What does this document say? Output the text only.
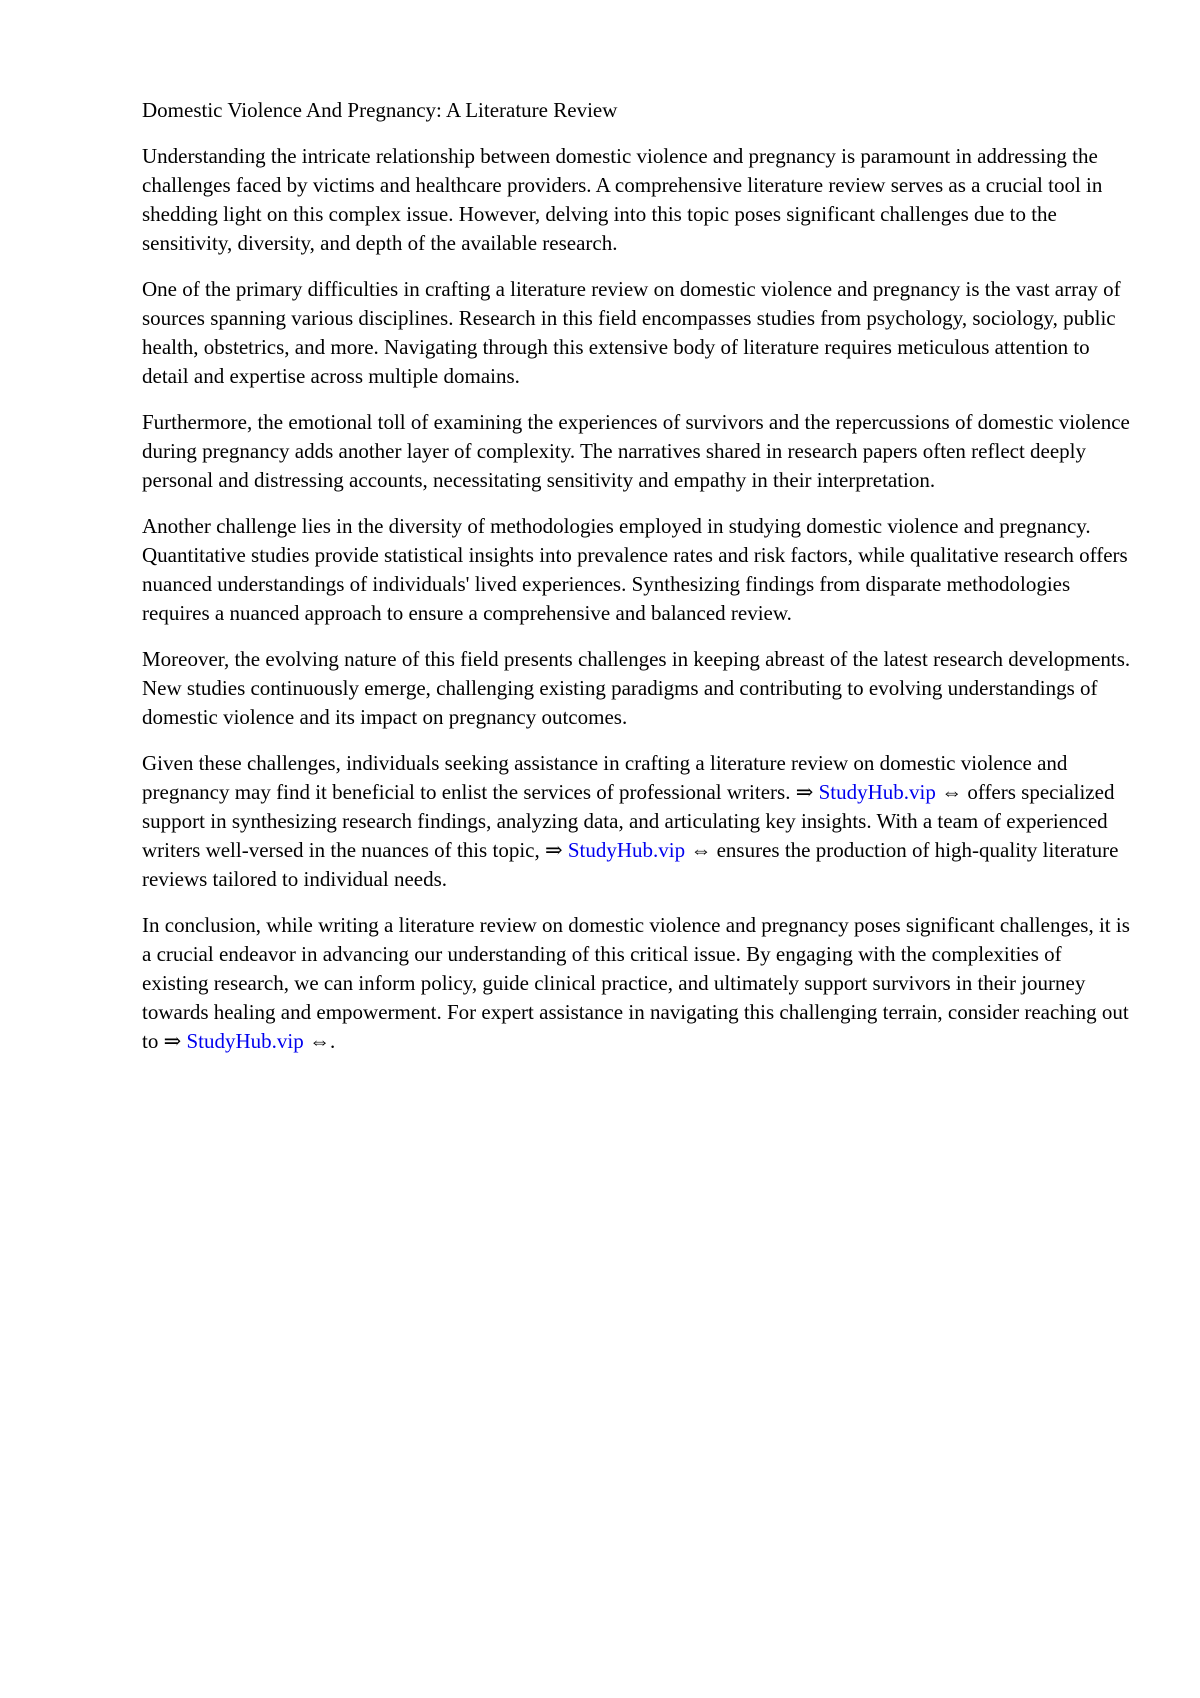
Domestic Violence And Pregnancy: A Literature Review

Understanding the intricate relationship between domestic violence and pregnancy is paramount in addressing the challenges faced by victims and healthcare providers. A comprehensive literature review serves as a crucial tool in shedding light on this complex issue. However, delving into this topic poses significant challenges due to the sensitivity, diversity, and depth of the available research.

One of the primary difficulties in crafting a literature review on domestic violence and pregnancy is the vast array of sources spanning various disciplines. Research in this field encompasses studies from psychology, sociology, public health, obstetrics, and more. Navigating through this extensive body of literature requires meticulous attention to detail and expertise across multiple domains.

Furthermore, the emotional toll of examining the experiences of survivors and the repercussions of domestic violence during pregnancy adds another layer of complexity. The narratives shared in research papers often reflect deeply personal and distressing accounts, necessitating sensitivity and empathy in their interpretation.

Another challenge lies in the diversity of methodologies employed in studying domestic violence and pregnancy. Quantitative studies provide statistical insights into prevalence rates and risk factors, while qualitative research offers nuanced understandings of individuals' lived experiences. Synthesizing findings from disparate methodologies requires a nuanced approach to ensure a comprehensive and balanced review.

Moreover, the evolving nature of this field presents challenges in keeping abreast of the latest research developments. New studies continuously emerge, challenging existing paradigms and contributing to evolving understandings of domestic violence and its impact on pregnancy outcomes.

Given these challenges, individuals seeking assistance in crafting a literature review on domestic violence and pregnancy may find it beneficial to enlist the services of professional writers. ⇒ StudyHub.vip ⇔ offers specialized support in synthesizing research findings, analyzing data, and articulating key insights. With a team of experienced writers well-versed in the nuances of this topic, ⇒ StudyHub.vip ⇔ ensures the production of high-quality literature reviews tailored to individual needs.

In conclusion, while writing a literature review on domestic violence and pregnancy poses significant challenges, it is a crucial endeavor in advancing our understanding of this critical issue. By engaging with the complexities of existing research, we can inform policy, guide clinical practice, and ultimately support survivors in their journey towards healing and empowerment. For expert assistance in navigating this challenging terrain, consider reaching out to ⇒ StudyHub.vip ⇔.
